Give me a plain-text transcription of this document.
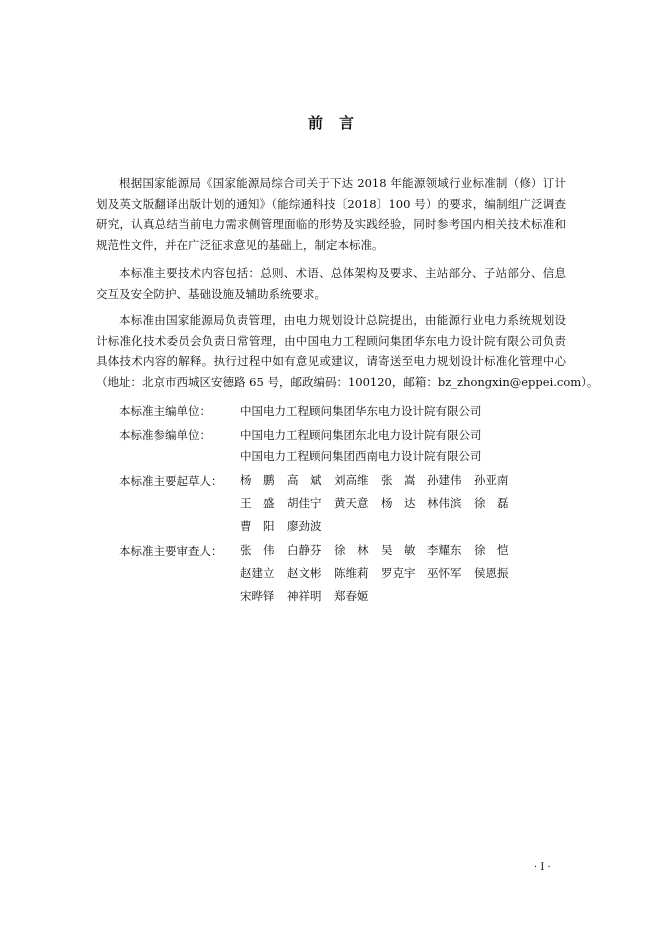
前 言

根据国家能源局《国家能源局综合司关于下达 2018 年能源领域行业标准制（修）订计

划及英文版翻译出版计划的通知》（能综通科技〔2018〕100 号）的要求，编制组广泛调查

研究，认真总结当前电力需求侧管理面临的形势及实践经验，同时参考国内相关技术标准和

规范性文件，并在广泛征求意见的基础上，制定本标准。

本标准主要技术内容包括：总则、术语、总体架构及要求、主站部分、子站部分、信息

交互及安全防护、基础设施及辅助系统要求。

本标准由国家能源局负责管理，由电力规划设计总院提出，由能源行业电力系统规划设

计标准化技术委员会负责日常管理，由中国电力工程顾问集团华东电力设计院有限公司负责

具体技术内容的解释。执行过程中如有意见或建议，请寄送至电力规划设计标准化管理中心

（地址：北京市西城区安德路 65 号，邮政编码：100120，邮箱：bz_zhongxin@eppei.com）。

本标准主编单位：	中国电力工程顾问集团华东电力设计院有限公司
本标准参编单位：	中国电力工程顾问集团东北电力设计院有限公司
中国电力工程顾问集团西南电力设计院有限公司
本标准主要起草人： 杨　鹏 高　斌 刘高维 张　嵩 孙建伟 孙亚南
王　盛 胡佳宁 黄天意 杨　达 林伟滨 徐　磊
曹　阳 廖劲波
本标准主要审查人： 张　伟 白静芬 徐　林 吴　敏 李耀东 徐　恺
赵建立 赵文彬 陈维莉 罗克宇 巫怀军 侯恩振
宋晔铎 神祥明 郑春姬
· I ·
